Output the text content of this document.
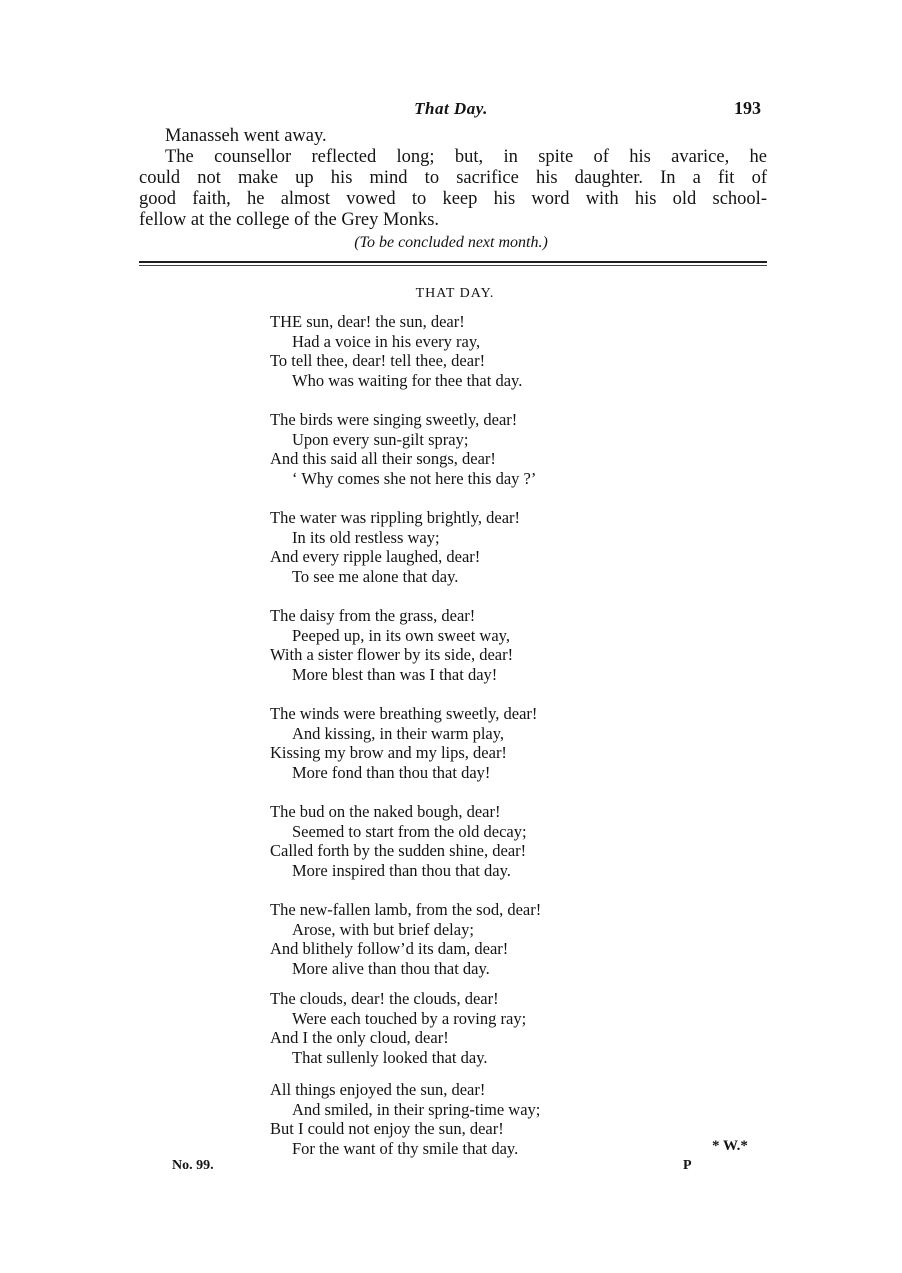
That Day.	193
Manasseh went away.
The counsellor reflected long; but, in spite of his avarice, he
could not make up his mind to sacrifice his daughter. In a fit of
good faith, he almost vowed to keep his word with his old school-
fellow at the college of the Grey Monks.
(To be concluded next month.)
THAT DAY.
THE sun, dear! the sun, dear!
Had a voice in his every ray,
To tell thee, dear! tell thee, dear!
Who was waiting for thee that day.
The birds were singing sweetly, dear!
Upon every sun-gilt spray;
And this said all their songs, dear!
‘ Why comes she not here this day ?’
The water was rippling brightly, dear!
In its old restless way;
And every ripple laughed, dear!
To see me alone that day.
The daisy from the grass, dear!
Peeped up, in its own sweet way,
With a sister flower by its side, dear!
More blest than was I that day!
The winds were breathing sweetly, dear!
And kissing, in their warm play,
Kissing my brow and my lips, dear!
More fond than thou that day!
The bud on the naked bough, dear!
Seemed to start from the old decay;
Called forth by the sudden shine, dear!
More inspired than thou that day.
The new-fallen lamb, from the sod, dear!
Arose, with but brief delay;
And blithely follow’d its dam, dear!
More alive than thou that day.
The clouds, dear! the clouds, dear!
Were each touched by a roving ray;
And I the only cloud, dear!
That sullenly looked that day.
All things enjoyed the sun, dear!
And smiled, in their spring-time way;
But I could not enjoy the sun, dear!
For the want of thy smile that day.	* W.*
No. 99.	P
